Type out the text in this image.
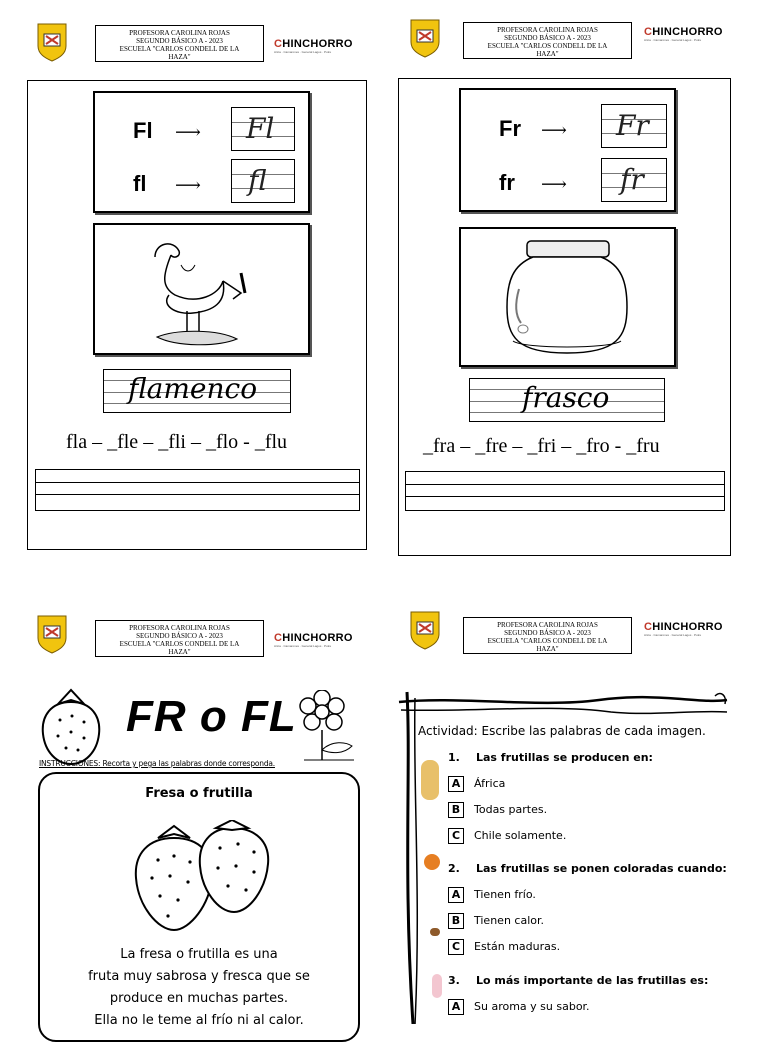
PROFESORA CAROLINA ROJAS
SEGUNDO BÁSICO A - 2023
ESCUELA "CARLOS CONDELL DE LA
HAZA"
CHINCHORRO
Arica · Camarones · General Lagos · Putre
PROFESORA CAROLINA ROJAS
SEGUNDO BÁSICO A - 2023
ESCUELA "CARLOS CONDELL DE LA
HAZA"
CHINCHORRO
Arica · Camarones · General Lagos · Putre
PROFESORA CAROLINA ROJAS
SEGUNDO BÁSICO A - 2023
ESCUELA "CARLOS CONDELL DE LA
HAZA"
CHINCHORRO
Arica · Camarones · General Lagos · Putre
PROFESORA CAROLINA ROJAS
SEGUNDO BÁSICO A - 2023
ESCUELA "CARLOS CONDELL DE LA
HAZA"
CHINCHORRO
Arica · Camarones · General Lagos · Putre
Fl ⟶ Fl
fl ⟶ fl
flamenco
fla – _fle – _fli – _flo - _flu
Fr ⟶ Fr
fr ⟶ fr
frasco
_fra – _fre – _fri – _fro - _fru
FR o FL
INSTRUCCIONES: Recorta y pega las palabras donde corresponda.
Fresa o frutilla
La fresa o frutilla es una
fruta muy sabrosa y fresca que se
produce en muchas partes.
Ella no le teme al frío ni al calor.
Actividad: Escribe las palabras de cada imagen.
1. Las frutillas se producen en:
A África
B Todas partes.
C Chile solamente.
2. Las frutillas se ponen coloradas cuando:
A Tienen frío.
B Tienen calor.
C Están maduras.
3. Lo más importante de las frutillas es:
A Su aroma y su sabor.
